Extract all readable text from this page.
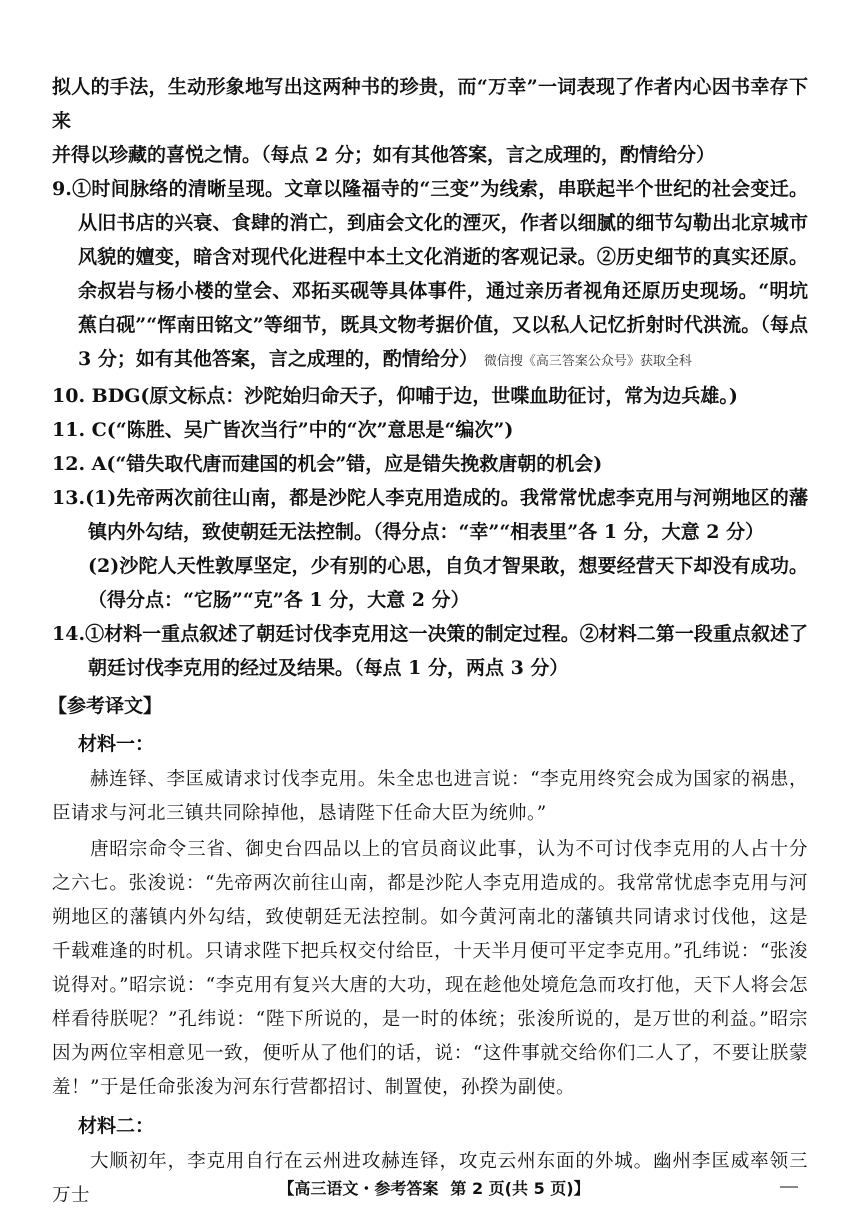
拟人的手法，生动形象地写出这两种书的珍贵，而“万幸”一词表现了作者内心因书幸存下来

并得以珍藏的喜悦之情。（每点 2 分；如有其他答案，言之成理的，酌情给分）

9.①时间脉络的清晰呈现。文章以隆福寺的“三变”为线索，串联起半个世纪的社会变迁。从旧书店的兴衰、食肆的消亡，到庙会文化的湮灭，作者以细腻的细节勾勒出北京城市风貌的嬗变，暗含对现代化进程中本土文化消逝的客观记录。②历史细节的真实还原。余叔岩与杨小楼的堂会、邓拓买砚等具体事件，通过亲历者视角还原历史现场。“明坑蕉白砚”“恽南田铭文”等细节，既具文物考据价值，又以私人记忆折射时代洪流。（每点 3 分；如有其他答案，言之成理的，酌情给分） 微信搜《高三答案公众号》获取全科

10. BDG(原文标点：沙陀始归命天子，仰哺于边，世喋血助征讨，常为边兵雄。)

11. C(“陈胜、吴广皆次当行”中的“次”意思是“编次”)

12. A(“错失取代唐而建国的机会”错，应是错失挽救唐朝的机会)

13.(1)先帝两次前往山南，都是沙陀人李克用造成的。我常常忧虑李克用与河朔地区的藩镇内外勾结，致使朝廷无法控制。（得分点：“幸”“相表里”各 1 分，大意 2 分）

(2)沙陀人天性敦厚坚定，少有别的心思，自负才智果敢，想要经营天下却没有成功。（得分点：“它肠”“克”各 1 分，大意 2 分）

14.①材料一重点叙述了朝廷讨伐李克用这一决策的制定过程。②材料二第一段重点叙述了朝廷讨伐李克用的经过及结果。（每点 1 分，两点 3 分）

【参考译文】
材料一：

赫连铎、李匡威请求讨伐李克用。朱全忠也进言说：“李克用终究会成为国家的祸患，臣请求与河北三镇共同除掉他，恳请陛下任命大臣为统帅。”

唐昭宗命令三省、御史台四品以上的官员商议此事，认为不可讨伐李克用的人占十分之六七。张浚说：“先帝两次前往山南，都是沙陀人李克用造成的。我常常忧虑李克用与河朔地区的藩镇内外勾结，致使朝廷无法控制。如今黄河南北的藩镇共同请求讨伐他，这是千载难逢的时机。只请求陛下把兵权交付给臣，十天半月便可平定李克用。”孔纬说：“张浚说得对。”昭宗说：“李克用有复兴大唐的大功，现在趁他处境危急而攻打他，天下人将会怎样看待朕呢？”孔纬说：“陛下所说的，是一时的体统；张浚所说的，是万世的利益。”昭宗因为两位宰相意见一致，便听从了他们的话，说：“这件事就交给你们二人了，不要让朕蒙羞！”于是任命张浚为河东行营都招讨、制置使，孙揆为副使。

材料二：

大顺初年，李克用自行在云州进攻赫连铎，攻克云州东面的外城。幽州李匡威率领三万士	【高三语文・参考答案 第 2 页(共 5 页)】
